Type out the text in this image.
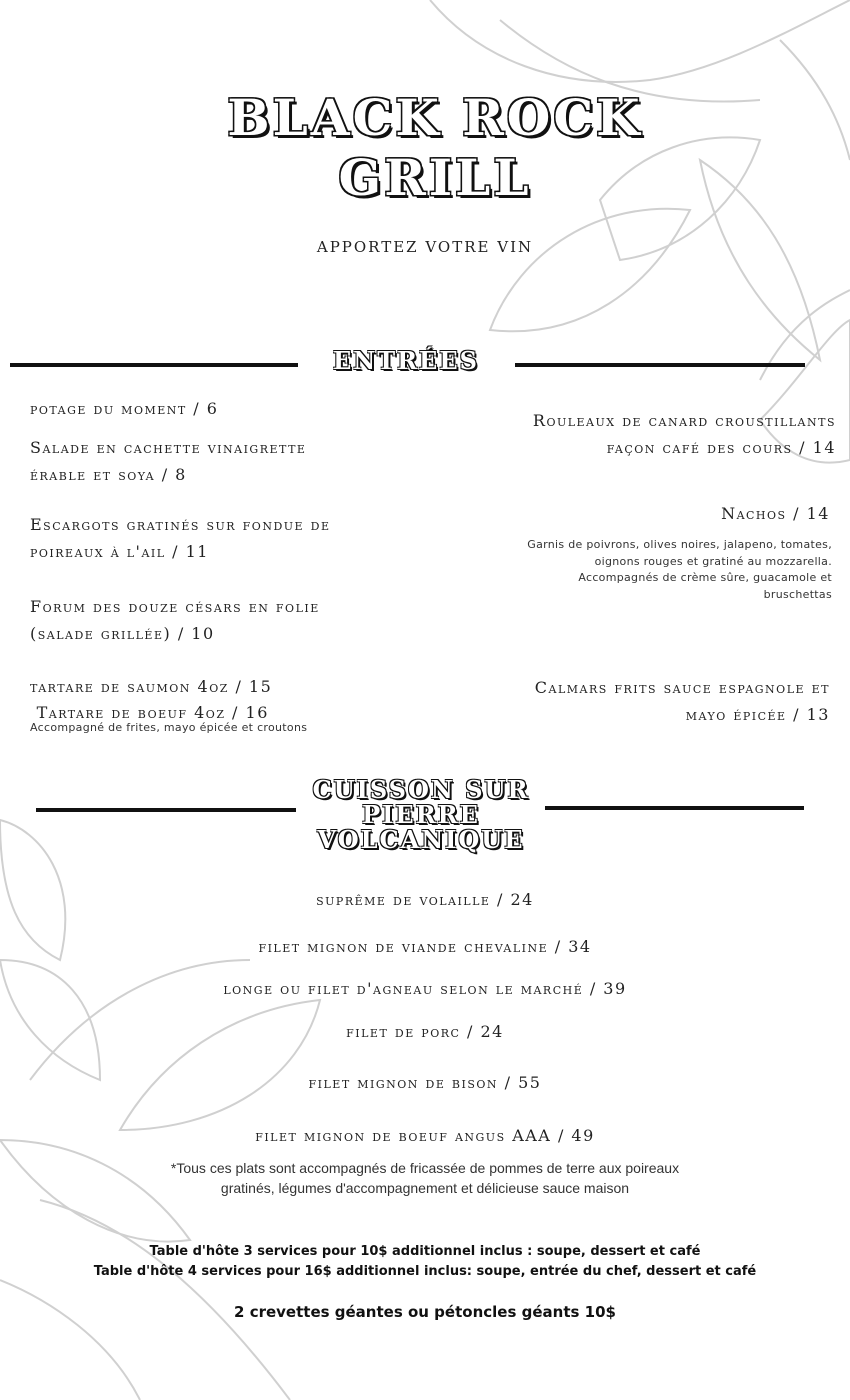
BLACK ROCK
GRILL
APPORTEZ VOTRE VIN
ENTRÉES
potage du moment / 6
Salade en cachette vinaigrette
érable et soya / 8
Escargots gratinés sur fondue de
poireaux à l'ail / 11
Forum des douze césars en folie
(salade grillée) / 10
tartare de saumon 4oz / 15
Tartare de boeuf 4oz / 16
Accompagné de frites, mayo épicée et croutons
Rouleaux de canard croustillants
façon café des cours / 14
Nachos / 14
Garnis de poivrons, olives noires, jalapeno, tomates,
oignons rouges et gratiné au mozzarella.
Accompagnés de crème sûre, guacamole et
bruschettas
Calmars frits sauce espagnole et
mayo épicée / 13
CUISSON SUR
PIERRE
VOLCANIQUE
suprême de volaille / 24
filet mignon de viande chevaline / 34
longe ou filet d'agneau selon le marché / 39
filet de porc / 24
filet mignon de bison / 55
filet mignon de boeuf angus AAA / 49
*Tous ces plats sont accompagnés de fricassée de pommes de terre aux poireaux
gratinés, légumes d'accompagnement et délicieuse sauce maison
Table d'hôte 3 services pour 10$ additionnel inclus : soupe, dessert et café
Table d'hôte 4 services pour 16$ additionnel inclus: soupe, entrée du chef, dessert et café
2 crevettes géantes ou pétoncles géants 10$
